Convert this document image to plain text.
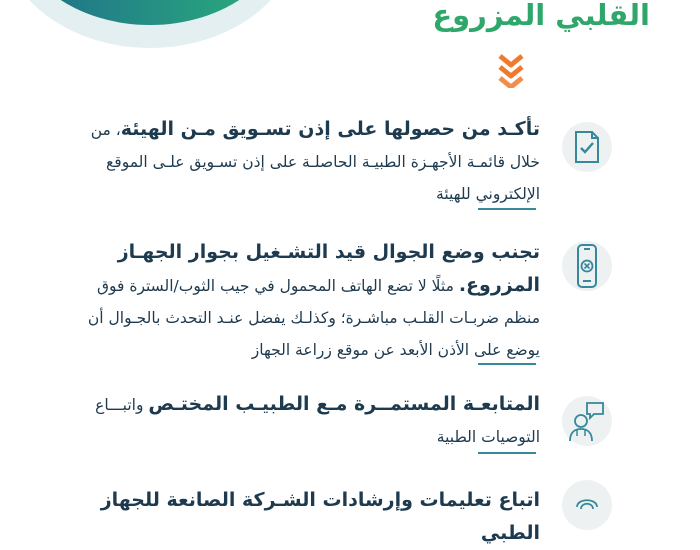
القلبي المزروع

تأكـد من حصولها على إذن تسـويق مـن الهيئة، من خلال قائمـة الأجهـزة الطبيـة الحاصلـة على إذن تسـويق علـى الموقع الإلكتروني للهيئة

تجنب وضع الجوال قيد التشـغيل بجوار الجهـاز المزروع. مثلًا لا تضع الهاتف المحمول في جيب الثوب/السترة فوق منظم ضربـات القلـب مباشـرة؛ وكذلـك يفضل عنـد التحدث بالجـوال أن يوضع على الأذن الأبعد عن موقع زراعة الجهاز

المتابعـة المستمــرة مـع الطبيـب المختـص واتبـــاع التوصيات الطبية

اتباع تعليمات وإرشادات الشـركة الصانعة للجهاز الطبي
